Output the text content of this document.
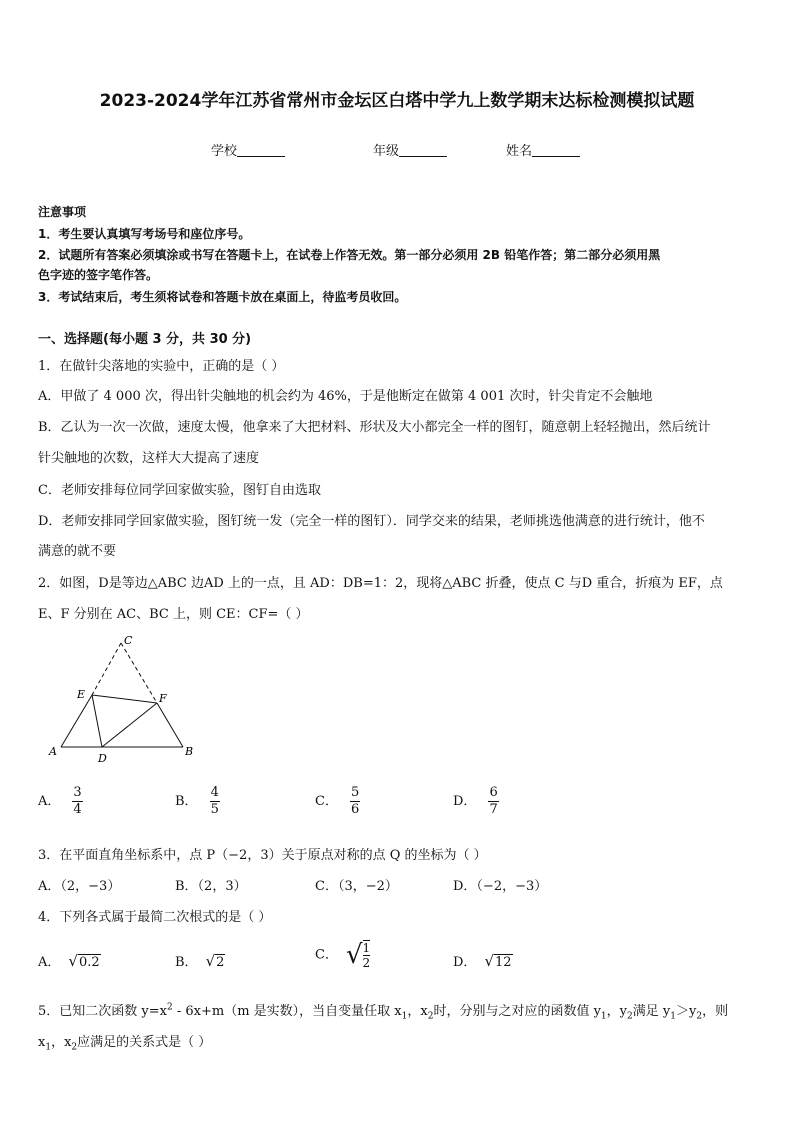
2023-2024学年江苏省常州市金坛区白塔中学九上数学期末达标检测模拟试题
学校	年级	姓名
注意事项
1．考生要认真填写考场号和座位序号。
2．试题所有答案必须填涂或书写在答题卡上，在试卷上作答无效。第一部分必须用 2B 铅笔作答；第二部分必须用黑
色字迹的签字笔作答。
3．考试结束后，考生须将试卷和答题卡放在桌面上，待监考员收回。
一、选择题(每小题 3 分，共 30 分)
1．在做针尖落地的实验中，正确的是（ ）
A．甲做了 4 000 次，得出针尖触地的机会约为 46%，于是他断定在做第 4 001 次时，针尖肯定不会触地
B．乙认为一次一次做，速度太慢，他拿来了大把材料、形状及大小都完全一样的图钉，随意朝上轻轻抛出，然后统计
针尖触地的次数，这样大大提高了速度
C．老师安排每位同学回家做实验，图钉自由选取
D．老师安排同学回家做实验，图钉统一发（完全一样的图钉）．同学交来的结果，老师挑选他满意的进行统计，他不
满意的就不要
2．如图，D是等边△ABC 边AD 上的一点，且 AD：DB=1：2，现将△ABC 折叠，使点 C 与D 重合，折痕为 EF，点
E、F 分别在 AC、BC 上，则 CE：CF=（ ）
C
E	F
A
D
B
A． $\frac{3}{4}$	B． $\frac{4}{5}$	C． $\frac{5}{6}$	D． $\frac{6}{7}$
3．在平面直角坐标系中，点 P（−2，3）关于原点对称的点 Q 的坐标为（ ）
A．（2，−3）	B．（2，3）	C．（3，−2）	D．（−2，−3）
4．下列各式属于最简二次根式的是（ ）
A． √0.2	B． √2	C． √ $\frac{1}{2}$	D． √12
5．已知二次函数 $y=x^2 - 6x+m(m$ 是实数），当自变量任取 $x_1$，$x_2$时，分别与之对应的函数值 $y_1$，$y_2$满足 $y_1>y_2$，则
$x_1$，$x_2$应满足的关系式是（ ）
